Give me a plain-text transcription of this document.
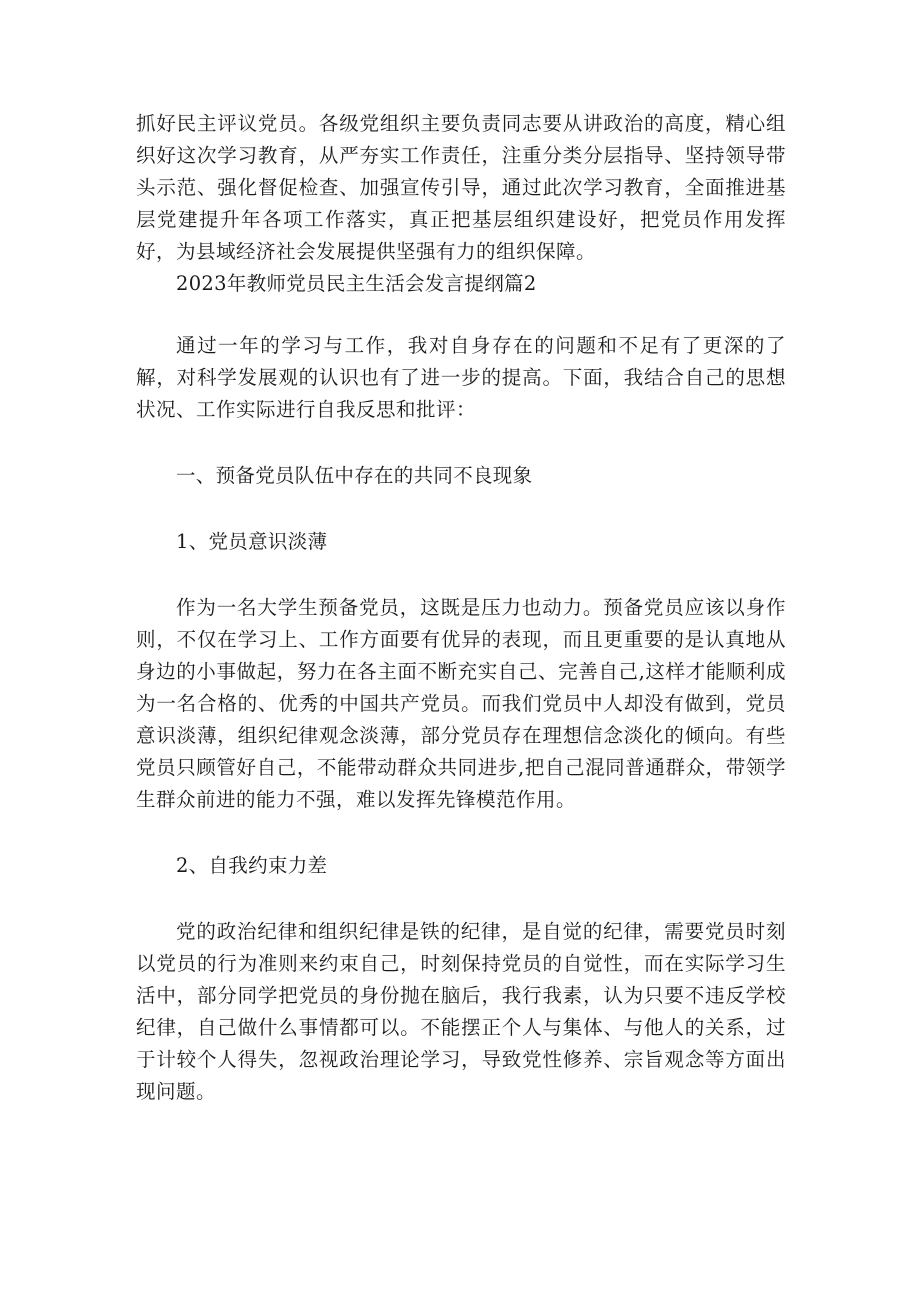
抓好民主评议党员。各级党组织主要负责同志要从讲政治的高度，精心组织好这次学习教育，从严夯实工作责任，注重分类分层指导、坚持领导带头示范、强化督促检查、加强宣传引导，通过此次学习教育，全面推进基层党建提升年各项工作落实，真正把基层组织建设好，把党员作用发挥好，为县域经济社会发展提供坚强有力的组织保障。

2023年教师党员民主生活会发言提纲篇2

通过一年的学习与工作，我对自身存在的问题和不足有了更深的了解，对科学发展观的认识也有了进一步的提高。下面，我结合自己的思想状况、工作实际进行自我反思和批评：

一、预备党员队伍中存在的共同不良现象

1、党员意识淡薄

作为一名大学生预备党员，这既是压力也动力。预备党员应该以身作则，不仅在学习上、工作方面要有优异的表现，而且更重要的是认真地从身边的小事做起，努力在各主面不断充实自己、完善自己,这样才能顺利成为一名合格的、优秀的中国共产党员。而我们党员中人却没有做到，党员意识淡薄，组织纪律观念淡薄，部分党员存在理想信念淡化的倾向。有些党员只顾管好自己，不能带动群众共同进步,把自己混同普通群众，带领学生群众前进的能力不强，难以发挥先锋模范作用。

2、自我约束力差

党的政治纪律和组织纪律是铁的纪律，是自觉的纪律，需要党员时刻以党员的行为准则来约束自己，时刻保持党员的自觉性，而在实际学习生活中，部分同学把党员的身份抛在脑后，我行我素，认为只要不违反学校纪律，自己做什么事情都可以。不能摆正个人与集体、与他人的关系，过于计较个人得失，忽视政治理论学习，导致党性修养、宗旨观念等方面出现问题。
